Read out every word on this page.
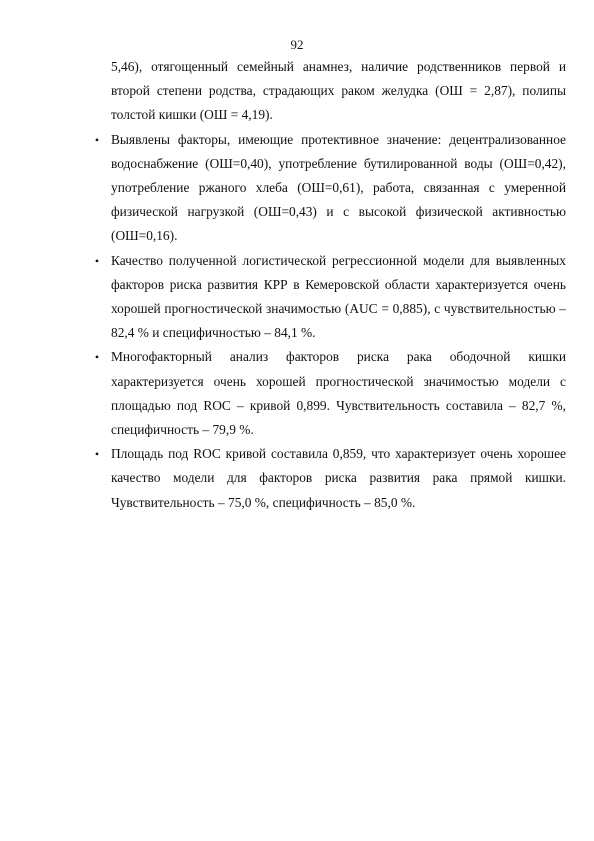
92

5,46), отягощенный семейный анамнез, наличие родственников первой и второй степени родства, страдающих раком желудка (ОШ = 2,87), полипы толстой кишки (ОШ = 4,19).

• Выявлены факторы, имеющие протективное значение: децентрализованное водоснабжение (ОШ=0,40), употребление бутилированной воды (ОШ=0,42), употребление ржаного хлеба (ОШ=0,61), работа, связанная с умеренной физической нагрузкой (ОШ=0,43) и с высокой физической активностью (ОШ=0,16).
• Качество полученной логистической регрессионной модели для выявленных факторов риска развития КРР в Кемеровской области характеризуется очень хорошей прогностической значимостью (AUC = 0,885), с чувствительностью – 82,4 % и специфичностью – 84,1 %.
• Многофакторный анализ факторов риска рака ободочной кишки характеризуется очень хорошей прогностической значимостью модели с площадью под ROC – кривой 0,899. Чувствительность составила – 82,7 %, специфичность – 79,9 %.
• Площадь под ROC кривой составила 0,859, что характеризует очень хорошее качество модели для факторов риска развития рака прямой кишки. Чувствительность – 75,0 %, специфичность – 85,0 %.
